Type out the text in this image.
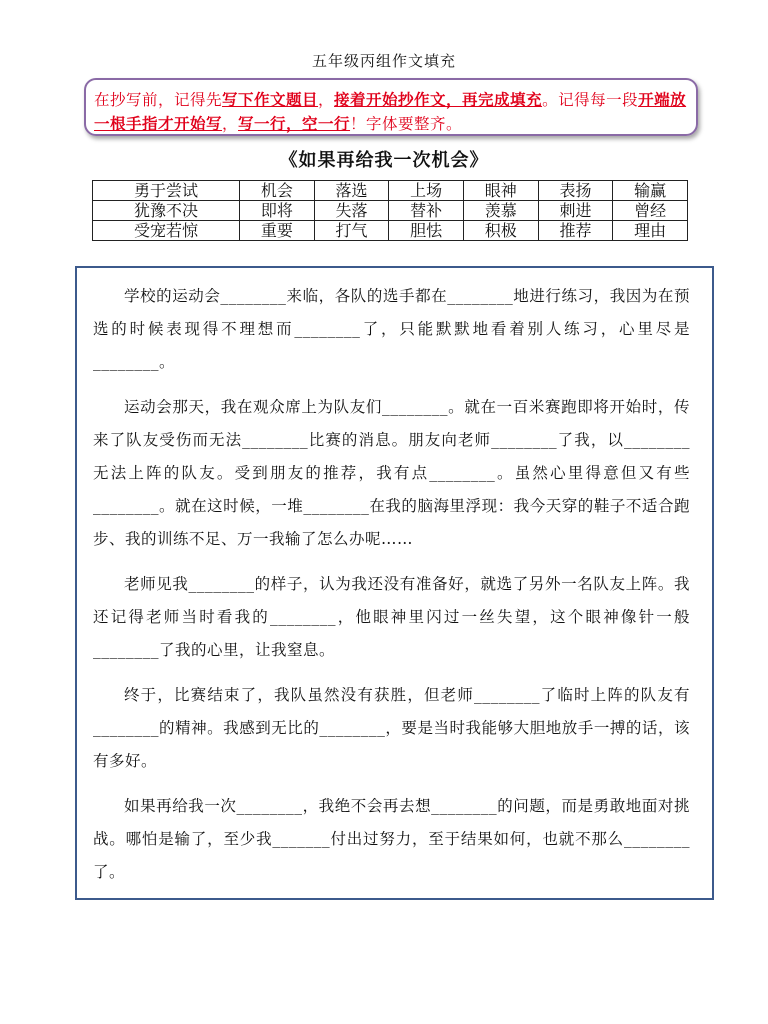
五年级丙组作文填充
在抄写前，记得先写下作文题目，接着开始抄作文，再完成填充。记得每一段开端放一根手指才开始写，写一行，空一行！字体要整齐。
《如果再给我一次机会》
勇于尝试	机会	落选	上场	眼神	表扬	输赢
犹豫不决	即将	失落	替补	羡慕	刺进	曾经
受宠若惊	重要	打气	胆怯	积极	推荐	理由

学校的运动会________来临，各队的选手都在________地进行练习，我因为在预选的时候表现得不理想而________了，只能默默地看着别人练习，心里尽是________。

运动会那天，我在观众席上为队友们________。就在一百米赛跑即将开始时，传来了队友受伤而无法________比赛的消息。朋友向老师________了我，以________无法上阵的队友。受到朋友的推荐，我有点________。虽然心里得意但又有些________。就在这时候，一堆________在我的脑海里浮现：我今天穿的鞋子不适合跑步、我的训练不足、万一我输了怎么办呢……

老师见我________的样子，认为我还没有准备好，就选了另外一名队友上阵。我还记得老师当时看我的________，他眼神里闪过一丝失望，这个眼神像针一般________了我的心里，让我窒息。

终于，比赛结束了，我队虽然没有获胜，但老师________了临时上阵的队友有________的精神。我感到无比的________，要是当时我能够大胆地放手一搏的话，该有多好。

如果再给我一次________，我绝不会再去想________的问题，而是勇敢地面对挑战。哪怕是输了，至少我_______付出过努力，至于结果如何，也就不那么________了。
